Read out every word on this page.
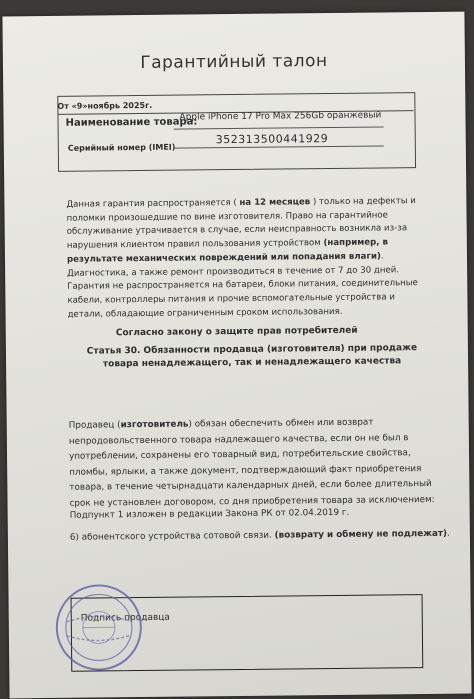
Гарантийный талон
От «9»ноябрь 2025г.
Наименование товара:
Apple iPhone 17 Pro Max 256Gb оранжевый
Серийный номер (IMEI)
352313500441929

Данная гарантия распространяется ( на 12 месяцев ) только на дефекты и поломки произошедшие по вине изготовителя. Право на гарантийное обслуживание утрачивается в случае, если неисправность возникла из-за нарушения клиентом правил пользования устройством (например, в результате механических повреждений или попадания влаги). Диагностика, а также ремонт производиться в течение от 7 до 30 дней. Гарантия не распространяется на батареи, блоки питания, соединительные кабели, контроллеры питания и прочие вспомогательные устройства и детали, обладающие ограниченным сроком использования.

Согласно закону о защите прав потребителей
Статья 30. Обязанности продавца (изготовителя) при продаже товара ненадлежащего, так и ненадлежащего качества

Продавец (изготовитель) обязан обеспечить обмен или возврат непродовольственного товара надлежащего качества, если он не был в употреблении, сохранены его товарный вид, потребительские свойства, пломбы, ярлыки, а также документ, подтверждающий факт приобретения товара, в течение четырнадцати календарных дней, если более длительный срок не установлен договором, со дня приобретения товара за исключением:

Подпункт 1 изложен в редакции Закона РК от 02.04.2019 г.
6) абонентского устройства сотовой связи. (возврату и обмену не подлежат).
Подпись продавца
